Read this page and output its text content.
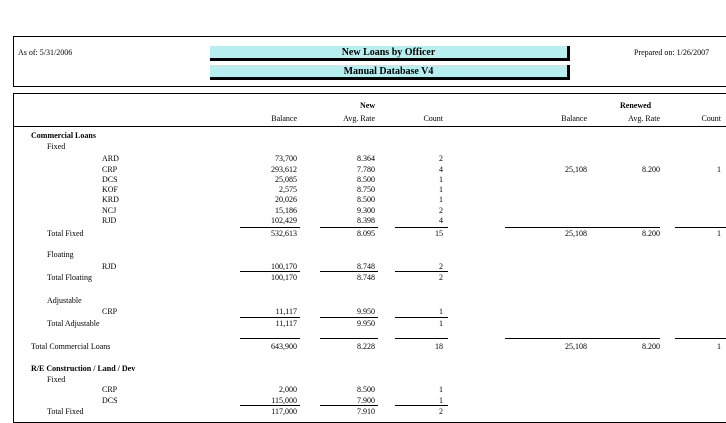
As of: 5/31/2006	New Loans by Officer
Manual Database V4
Prepared on: 1/26/2007
New	Renewed
Balance	Avg. Rate	Count	Balance	Avg. Rate	Count
Commercial Loans
Fixed
ARD	73,700	8.364	2
CRP	293,612	7.780	4	25,108	8.200	1
DCS	25,085	8.500	1
KOF	2,575	8.750	1
KRD	20,026	8.500	1
NCJ	15,186	9.300	2
RJD	102,429	8.398	4
Total Fixed	532,613	8.095	15	25,108	8.200	1
Floating
RJD	100,170	8.748	2
Total Floating	100,170	8.748	2
Adjustable
CRP	11,117	9.950	1
Total Adjustable	11,117	9.950	1
Total Commercial Loans	643,900	8.228	18	25,108	8.200	1
R/E Construction / Land / Dev
Fixed
CRP	2,000	8.500	1
DCS	115,000	7.900	1
Total Fixed	117,000	7.910	2
